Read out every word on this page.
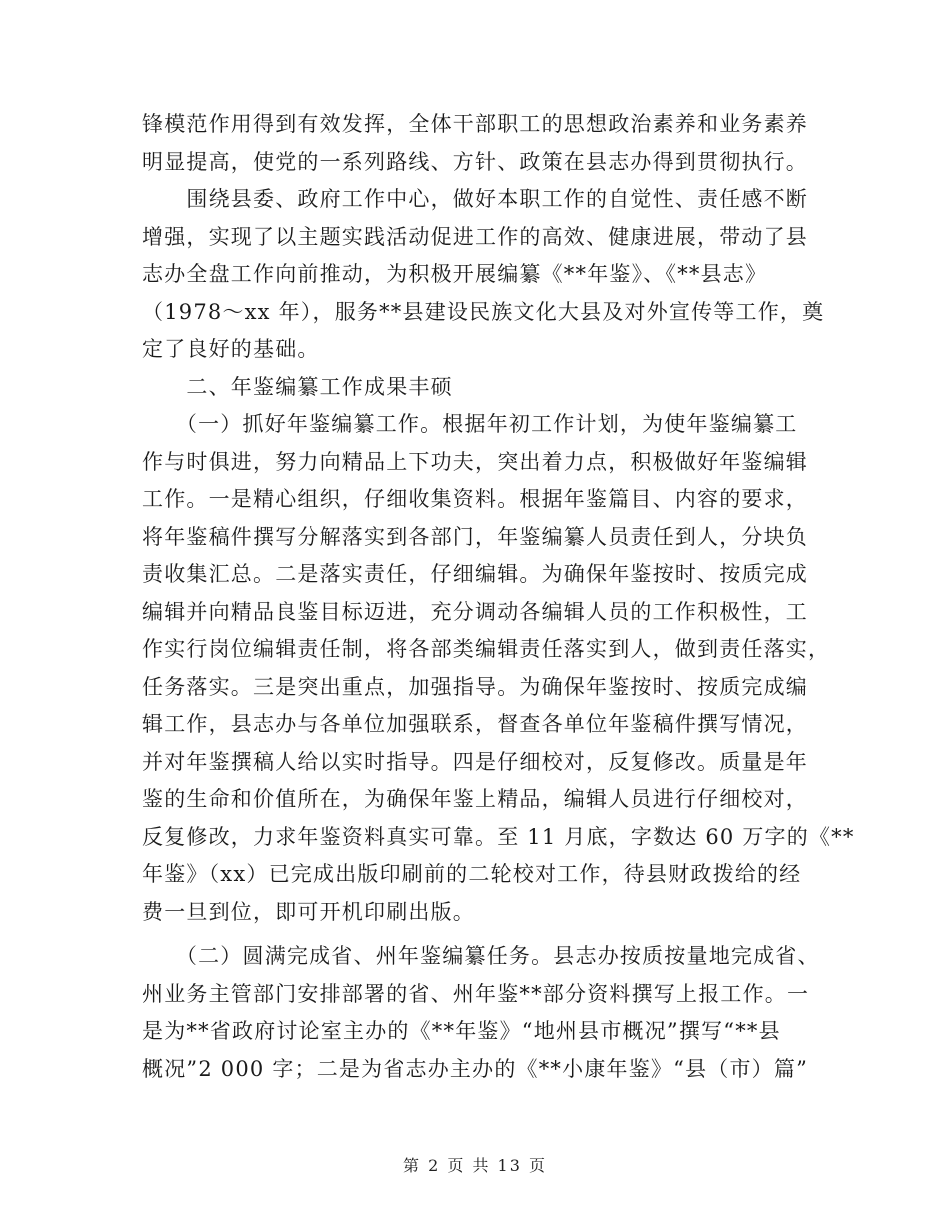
锋模范作用得到有效发挥，全体干部职工的思想政治素养和业务素养
明显提高，使党的一系列路线、方针、政策在县志办得到贯彻执行。
　　围绕县委、政府工作中心，做好本职工作的自觉性、责任感不断
增强，实现了以主题实践活动促进工作的高效、健康进展，带动了县
志办全盘工作向前推动，为积极开展编纂《**年鉴》、《**县志》
（1978～xx 年），服务**县建设民族文化大县及对外宣传等工作，奠
定了良好的基础。
　　二、年鉴编纂工作成果丰硕
　　（一）抓好年鉴编纂工作。根据年初工作计划，为使年鉴编纂工
作与时俱进，努力向精品上下功夫，突出着力点，积极做好年鉴编辑
工作。一是精心组织，仔细收集资料。根据年鉴篇目、内容的要求，
将年鉴稿件撰写分解落实到各部门，年鉴编纂人员责任到人，分块负
责收集汇总。二是落实责任，仔细编辑。为确保年鉴按时、按质完成
编辑并向精品良鉴目标迈进，充分调动各编辑人员的工作积极性，工
作实行岗位编辑责任制，将各部类编辑责任落实到人，做到责任落实，
任务落实。三是突出重点，加强指导。为确保年鉴按时、按质完成编
辑工作，县志办与各单位加强联系，督查各单位年鉴稿件撰写情况，
并对年鉴撰稿人给以实时指导。四是仔细校对，反复修改。质量是年
鉴的生命和价值所在，为确保年鉴上精品，编辑人员进行仔细校对，
反复修改，力求年鉴资料真实可靠。至 11 月底，字数达 60 万字的《**
年鉴》（xx）已完成出版印刷前的二轮校对工作，待县财政拨给的经
费一旦到位，即可开机印刷出版。
　　（二）圆满完成省、州年鉴编纂任务。县志办按质按量地完成省、
州业务主管部门安排部署的省、州年鉴**部分资料撰写上报工作。一
是为**省政府讨论室主办的《**年鉴》“地州县市概况”撰写“**县
概况”2 000 字；二是为省志办主办的《**小康年鉴》“县（市）篇”
第 2 页 共 13 页
